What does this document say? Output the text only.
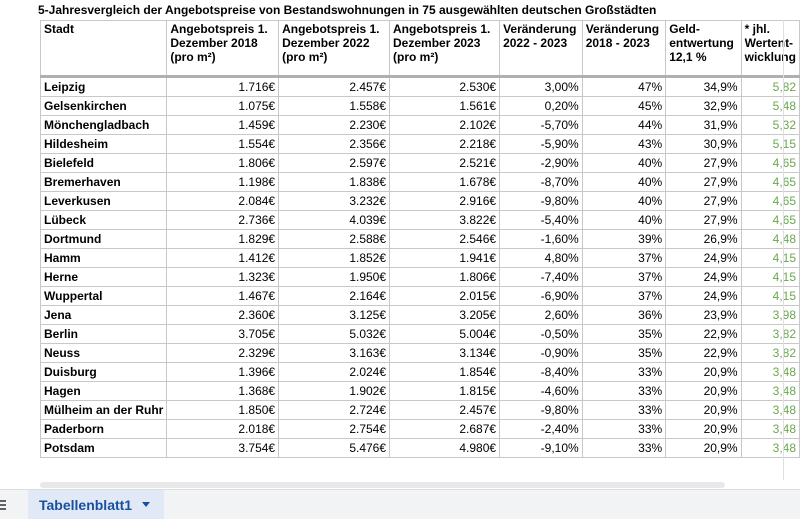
5-Jahresvergleich der Angebotspreise von Bestandswohnungen in 75 ausgewählten deutschen Großstädten
Stadt	Angebotspreis 1. Dezember 2018 (pro m²)	Angebotspreis 1. Dezember 2022 (pro m²)	Angebotspreis 1. Dezember 2023 (pro m²)	Veränderung 2022 - 2023	Veränderung 2018 - 2023	Geld-entwertung 12,1 %	* jhl. Wertent-wicklung
Leipzig	1.716€	2.457€	2.530€	3,00%	47%	34,9%	5,82
Gelsenkirchen	1.075€	1.558€	1.561€	0,20%	45%	32,9%	5,48
Mönchengladbach	1.459€	2.230€	2.102€	-5,70%	44%	31,9%	5,32
Hildesheim	1.554€	2.356€	2.218€	-5,90%	43%	30,9%	5,15
Bielefeld	1.806€	2.597€	2.521€	-2,90%	40%	27,9%	4,65
Bremerhaven	1.198€	1.838€	1.678€	-8,70%	40%	27,9%	4,65
Leverkusen	2.084€	3.232€	2.916€	-9,80%	40%	27,9%	4,65
Lübeck	2.736€	4.039€	3.822€	-5,40%	40%	27,9%	4,65
Dortmund	1.829€	2.588€	2.546€	-1,60%	39%	26,9%	4,48
Hamm	1.412€	1.852€	1.941€	4,80%	37%	24,9%	4,15
Herne	1.323€	1.950€	1.806€	-7,40%	37%	24,9%	4,15
Wuppertal	1.467€	2.164€	2.015€	-6,90%	37%	24,9%	4,15
Jena	2.360€	3.125€	3.205€	2,60%	36%	23,9%	3,98
Berlin	3.705€	5.032€	5.004€	-0,50%	35%	22,9%	3,82
Neuss	2.329€	3.163€	3.134€	-0,90%	35%	22,9%	3,82
Duisburg	1.396€	2.024€	1.854€	-8,40%	33%	20,9%	3,48
Hagen	1.368€	1.902€	1.815€	-4,60%	33%	20,9%	3,48
Mülheim an der Ruhr	1.850€	2.724€	2.457€	-9,80%	33%	20,9%	3,48
Paderborn	2.018€	2.754€	2.687€	-2,40%	33%	20,9%	3,48
Potsdam	3.754€	5.476€	4.980€	-9,10%	33%	20,9%	3,48
Tabellenblatt1
